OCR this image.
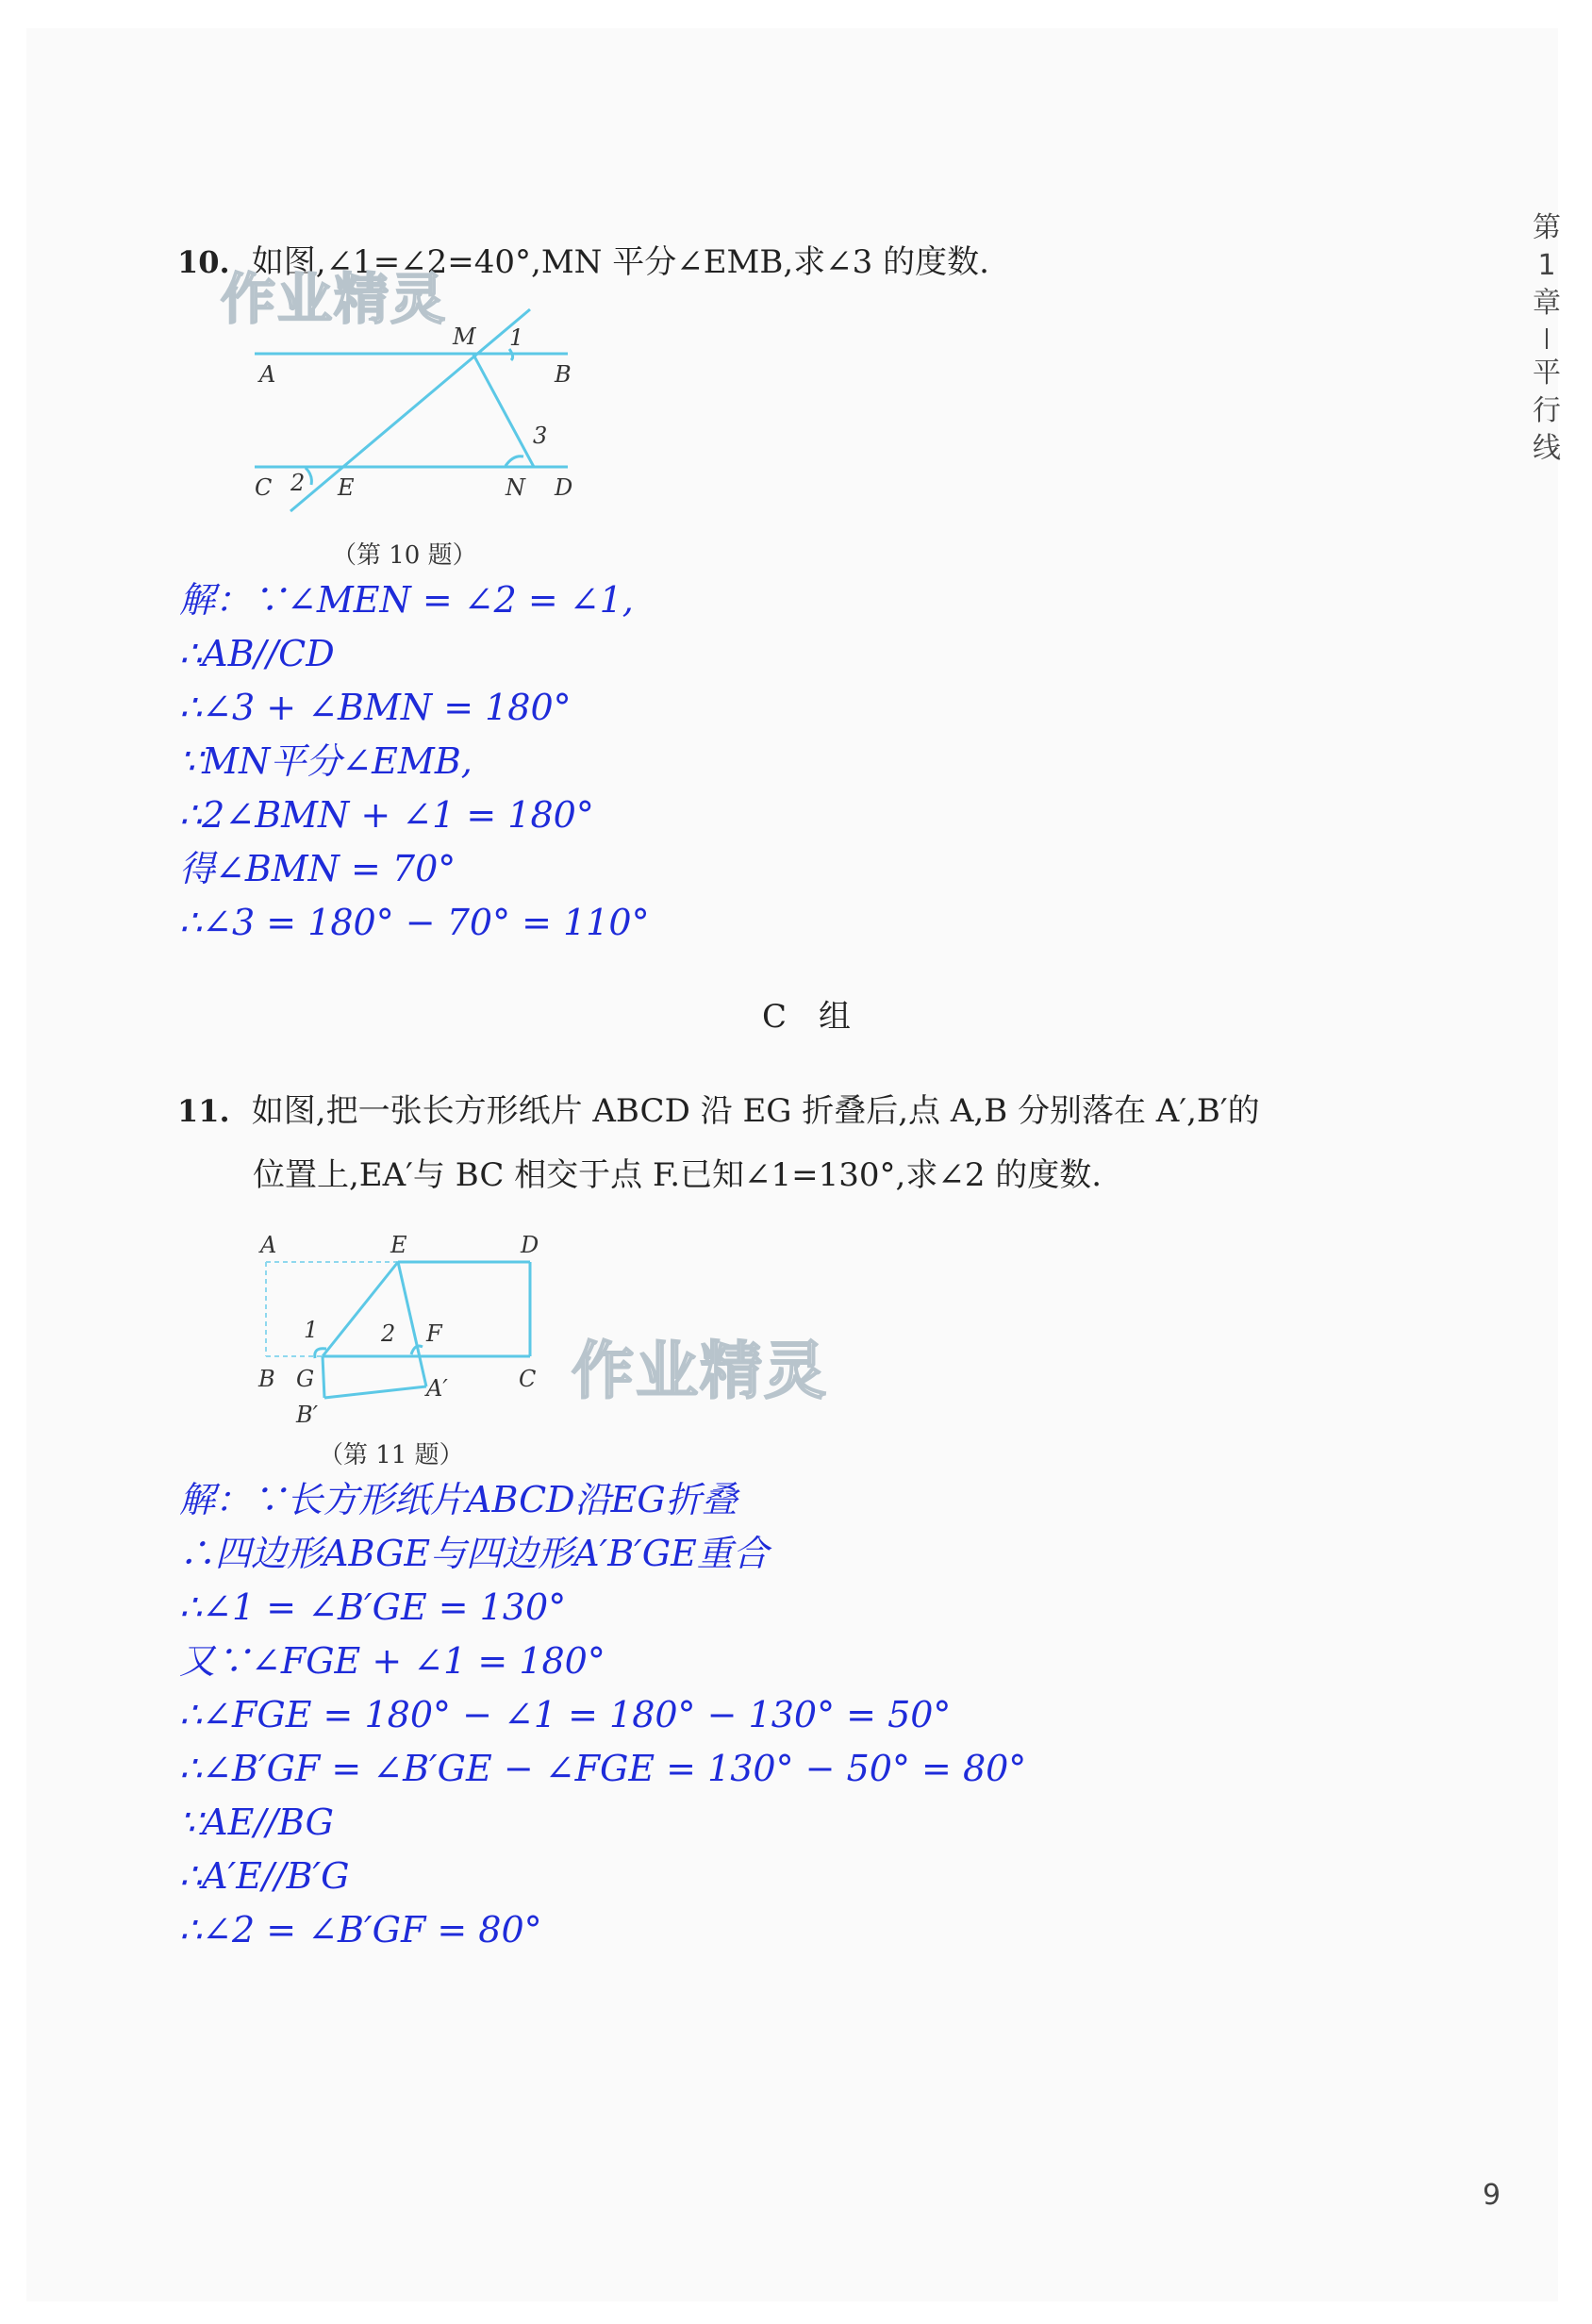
第
1
章
平
行
线
10. 如图,∠1=∠2=40°,MN 平分∠EMB,求∠3 的度数.
作业精灵
A	B
C	D
M
E	N
1
2
3
（第 10 题）
解：∵∠MEN = ∠2 = ∠1,
∴AB//CD
∴∠3 + ∠BMN = 180°
∵MN平分∠EMB,
∴2∠BMN + ∠1 = 180°
得∠BMN = 70°
∴∠3 = 180° − 70° = 110°
C　组
11. 如图,把一张长方形纸片 ABCD 沿 EG 折叠后,点 A,B 分别落在 A′,B′的
位置上,EA′与 BC 相交于点 F.已知∠1=130°,求∠2 的度数.
A	E	D
B G	C
F
A′
B′
1	2
作业精灵
（第 11 题）
解：∵长方形纸片ABCD沿EG折叠
∴四边形ABGE与四边形A′B′GE重合
∴∠1 = ∠B′GE = 130°
又∵∠FGE + ∠1 = 180°
∴∠FGE = 180° − ∠1 = 180° − 130° = 50°
∴∠B′GF = ∠B′GE − ∠FGE = 130° − 50° = 80°
∵AE//BG
∴A′E//B′G
∴∠2 = ∠B′GF = 80°
9
